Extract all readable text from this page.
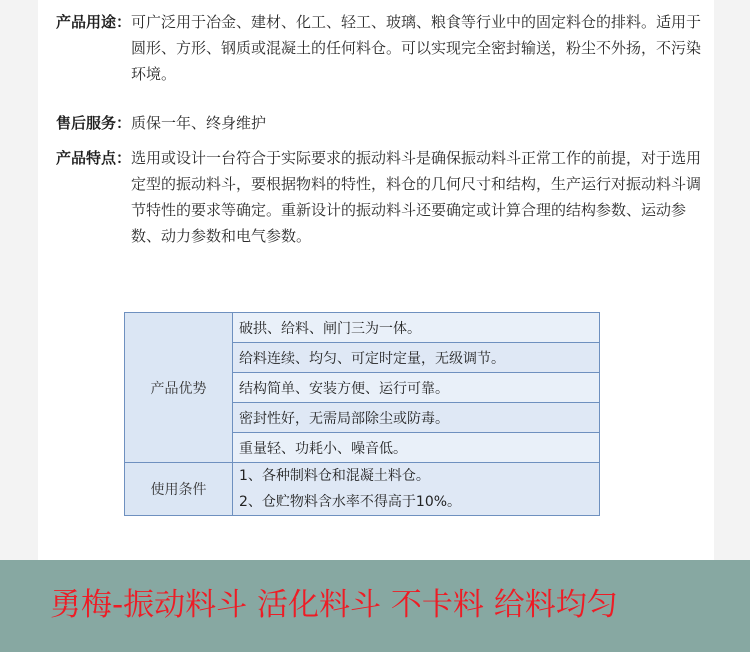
产品用途： 可广泛用于冶金、建材、化工、轻工、玻璃、粮食等行业中的固定料仓的排料。适用于圆形、方形、钢质或混凝土的任何料仓。可以实现完全密封输送，粉尘不外扬，不污染环境。
售后服务： 质保一年、终身维护
产品特点： 选用或设计一台符合于实际要求的振动料斗是确保振动料斗正常工作的前提，对于选用定型的振动料斗，要根据物料的特性，料仓的几何尺寸和结构，生产运行对振动料斗调节特性的要求等确定。重新设计的振动料斗还要确定或计算合理的结构参数、运动参数、动力参数和电气参数。
产品优势	破拱、给料、闸门三为一体。
	给料连续、均匀、可定时定量，无级调节。
	结构简单、安装方便、运行可靠。
	密封性好，无需局部除尘或防毒。
	重量轻、功耗小、噪音低。
使用条件	1、各种制料仓和混凝土料仓。
2、仓贮物料含水率不得高于10%。
勇梅-振动料斗 活化料斗 不卡料 给料均匀
